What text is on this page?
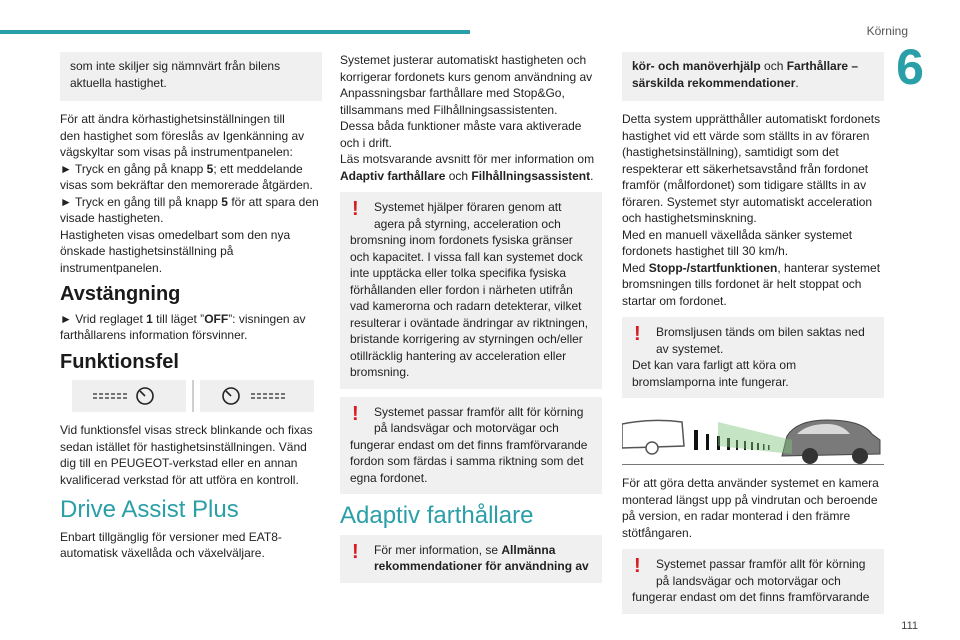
Körning
6
111

som inte skiljer sig nämnvärt från bilens aktuella hastighet.

För att ändra körhastighetsinställningen till
den hastighet som föreslås av Igenkänning av
vägskyltar som visas på instrumentpanelen:
► Tryck en gång på knapp 5; ett meddelande visas som bekräftar den memorerade åtgärden.
► Tryck en gång till på knapp 5 för att spara den visade hastigheten.
Hastigheten visas omedelbart som den nya önskade hastighetsinställning på instrumentpanelen.

Avstängning

► Vrid reglaget 1 till läget ”OFF”: visningen av farthållarens information försvinner.

Funktionsfel

Vid funktionsfel visas streck blinkande och fixas sedan istället för hastighetsinställningen. Vänd dig till en PEUGEOT-verkstad eller en annan kvalificerad verkstad för att utföra en kontroll.

Drive Assist Plus

Enbart tillgänglig för versioner med EAT8-automatisk växellåda och växelväljare.

Systemet justerar automatiskt hastigheten och korrigerar fordonets kurs genom användning av Anpassningsbar farthållare med Stop&Go, tillsammans med Filhållningsassistenten.

Dessa båda funktioner måste vara aktiverade och i drift.

Läs motsvarande avsnitt för mer information om Adaptiv farthållare och Filhållningsassistent.

!	Systemet hjälper föraren genom att agera på styrning, acceleration och

bromsning inom fordonets fysiska gränser och kapacitet. I vissa fall kan systemet dock inte upptäcka eller tolka specifika fysiska förhållanden eller fordon i närheten utifrån vad kamerorna och radarn detekterar, vilket resulterar i oväntade ändringar av riktningen, bristande korrigering av styrningen och/eller otillräcklig hantering av acceleration eller bromsning.

!	Systemet passar framför allt för körning på landsvägar och motorvägar och

fungerar endast om det finns framförvarande fordon som färdas i samma riktning som det egna fordonet.

Adaptiv farthållare
!	För mer information, se Allmänna rekommendationer för användning av

kör- och manöverhjälp och Farthållare – särskilda rekommendationer.

Detta system upprätthåller automatiskt fordonets hastighet vid ett värde som ställts in av föraren (hastighetsinställning), samtidigt som det respekterar ett säkerhetsavstånd från fordonet framför (målfordonet) som tidigare ställts in av föraren. Systemet styr automatiskt acceleration och hastighetsminskning.

Med en manuell växellåda sänker systemet fordonets hastighet till 30 km/h.

Med Stopp-/startfunktionen, hanterar systemet bromsningen tills fordonet är helt stoppat och startar om fordonet.

!	Bromsljusen tänds om bilen saktas ned av systemet.

Det kan vara farligt att köra om bromslamporna inte fungerar.

För att göra detta använder systemet en kamera monterad längst upp på vindrutan och beroende på version, en radar monterad i den främre stötfångaren.

!	Systemet passar framför allt för körning på landsvägar och motorvägar och

fungerar endast om det finns framförvarande
